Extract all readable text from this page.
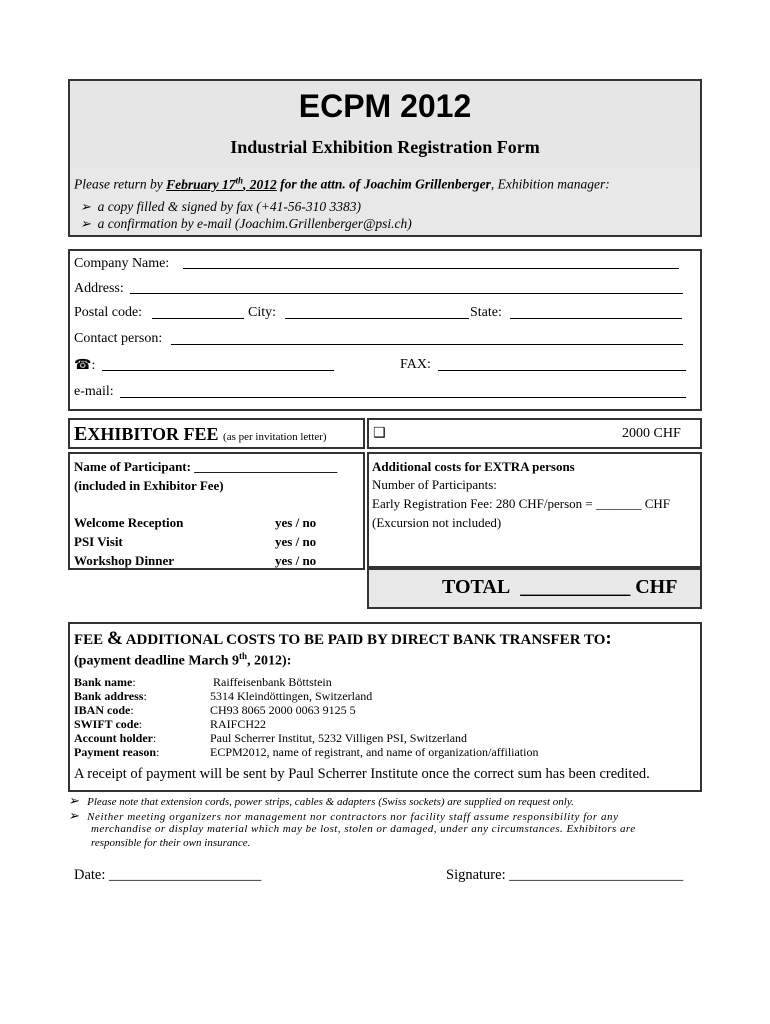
ECPM 2012
Industrial Exhibition Registration Form
Please return by February 17th, 2012 for the attn. of Joachim Grillenberger, Exhibition manager:
➢ a copy filled & signed by fax (+41-56-310 3383)
➢ a confirmation by e-mail (Joachim.Grillenberger@psi.ch)
Company Name:
Address:
Postal code:	City:	State:
Contact person:
☎:	FAX:
e-mail:
EXHIBITOR FEE (as per invitation letter)	❑	2000 CHF
Name of Participant: ______________________
(included in Exhibitor Fee)
Welcome Reception	yes / no
PSI Visit	yes / no
Workshop Dinner	yes / no
Additional costs for EXTRA persons
Number of Participants:
Early Registration Fee: 280 CHF/person = _______ CHF
(Excursion not included)
TOTAL ___________ CHF
FEE & ADDITIONAL COSTS TO BE PAID BY DIRECT BANK TRANSFER TO:
(payment deadline March 9th, 2012):
Bank name:	Raiffeisenbank Böttstein
Bank address:	5314 Kleindöttingen, Switzerland
IBAN code:	CH93 8065 2000 0063 9125 5
SWIFT code:	RAIFCH22
Account holder:	Paul Scherrer Institut, 5232 Villigen PSI, Switzerland
Payment reason:	ECPM2012, name of registrant, and name of organization/affiliation
A receipt of payment will be sent by Paul Scherrer Institute once the correct sum has been credited.
➢ Please note that extension cords, power strips, cables & adapters (Swiss sockets) are supplied on request only.
➢ Neither meeting organizers nor management nor contractors nor facility staff assume responsibility for any
merchandise or display material which may be lost, stolen or damaged, under any circumstances. Exhibitors are
responsible for their own insurance.
Date: _____________________	Signature: ________________________
